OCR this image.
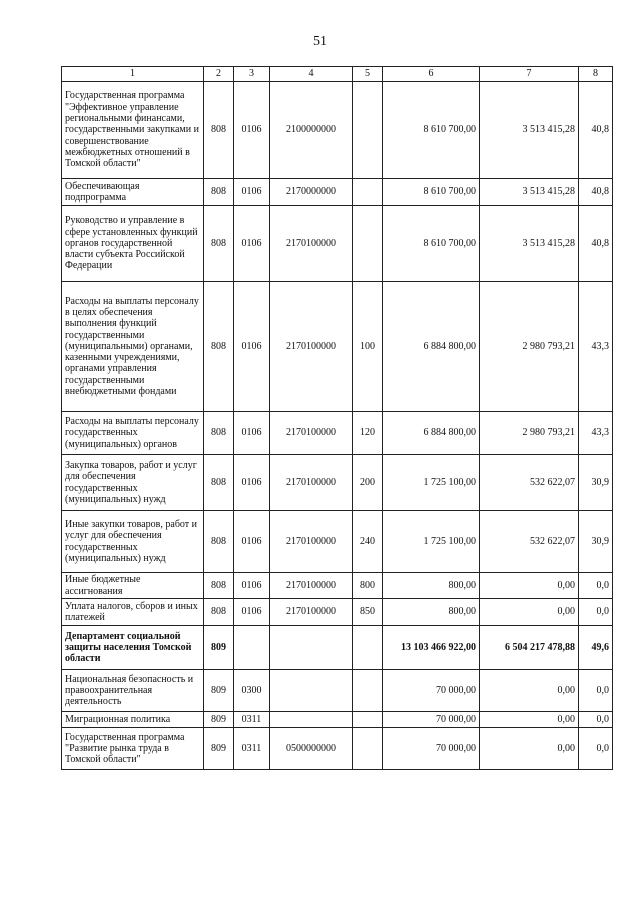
51
1	2	3	4	5	6	7	8
Государственная программа "Эффективное управление региональными финансами, государственными закупками и совершенствование межбюджетных отношений в Томской области"	808	0106	2100000000		8 610 700,00	3 513 415,28	40,8
Обеспечивающая подпрограмма	808	0106	2170000000		8 610 700,00	3 513 415,28	40,8
Руководство и управление в сфере установленных функций органов государственной власти субъекта Российской Федерации	808	0106	2170100000		8 610 700,00	3 513 415,28	40,8
Расходы на выплаты персоналу в целях обеспечения выполнения функций государственными (муниципальными) органами, казенными учреждениями, органами управления государственными внебюджетными фондами	808	0106	2170100000	100	6 884 800,00	2 980 793,21	43,3
Расходы на выплаты персоналу государственных (муниципальных) органов	808	0106	2170100000	120	6 884 800,00	2 980 793,21	43,3
Закупка товаров, работ и услуг для обеспечения государственных (муниципальных) нужд	808	0106	2170100000	200	1 725 100,00	532 622,07	30,9
Иные закупки товаров, работ и услуг для обеспечения государственных (муниципальных) нужд	808	0106	2170100000	240	1 725 100,00	532 622,07	30,9
Иные бюджетные ассигнования	808	0106	2170100000	800	800,00	0,00	0,0
Уплата налогов, сборов и иных платежей	808	0106	2170100000	850	800,00	0,00	0,0
Департамент социальной защиты населения Томской области	809				13 103 466 922,00	6 504 217 478,88	49,6
Национальная безопасность и правоохранительная деятельность	809	0300			70 000,00	0,00	0,0
Миграционная политика	809	0311			70 000,00	0,00	0,0
Государственная программа "Развитие рынка труда в Томской области"	809	0311	0500000000		70 000,00	0,00	0,0
